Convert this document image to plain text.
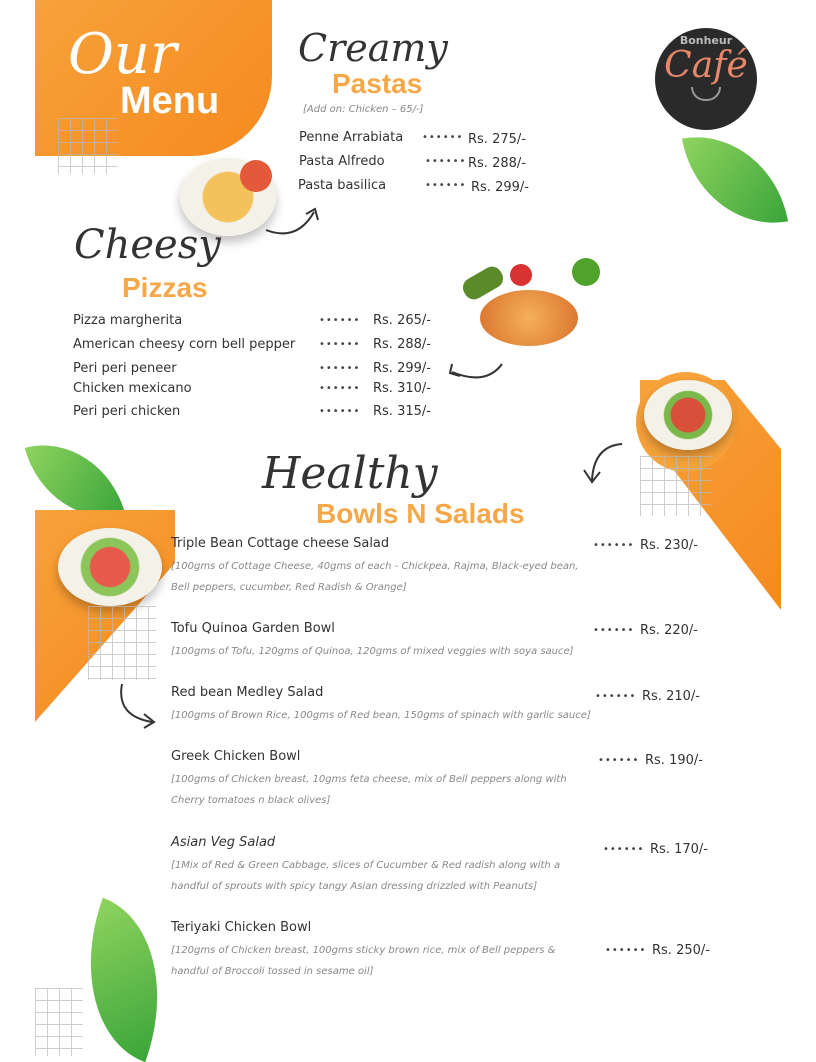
Our
Menu
Bonheur
Café
Creamy
Pastas
[Add on: Chicken – 65/-]
Penne Arrabiata •••••• Rs. 275/-
Pasta Alfredo	•••••• Rs. 288/-
Pasta basilica	•••••• Rs. 299/-
Cheesy
Pizzas
Pizza margherita	•••••• Rs. 265/-
American cheesy corn bell pepper •••••• Rs. 288/-
Peri peri peneer	•••••• Rs. 299/-
Chicken mexicano	•••••• Rs. 310/-
Peri peri chicken	•••••• Rs. 315/-
Healthy
Bowls N Salads
Triple Bean Cottage cheese Salad
[100gms of Cottage Cheese, 40gms of each - Chickpea, Rajma, Black-eyed bean, Bell peppers, cucumber, Red Radish & Orange]
•••••• Rs. 230/-
Tofu Quinoa Garden Bowl
[100gms of Tofu, 120gms of Quinoa, 120gms of mixed veggies with soya sauce]
•••••• Rs. 220/-
Red bean Medley Salad
[100gms of Brown Rice, 100gms of Red bean, 150gms of spinach with garlic sauce]
•••••• Rs. 210/-
Greek Chicken Bowl
[100gms of Chicken breast, 10gms feta cheese, mix of Bell peppers along with Cherry tomatoes n black olives]
•••••• Rs. 190/-
Asian Veg Salad
[1Mix of Red & Green Cabbage, slices of Cucumber & Red radish along with a handful of sprouts with spicy tangy Asian dressing drizzled with Peanuts]
•••••• Rs. 170/-
Teriyaki Chicken Bowl
[120gms of Chicken breast, 100gms sticky brown rice, mix of Bell peppers & handful of Broccoli tossed in sesame oil]
•••••• Rs. 250/-
